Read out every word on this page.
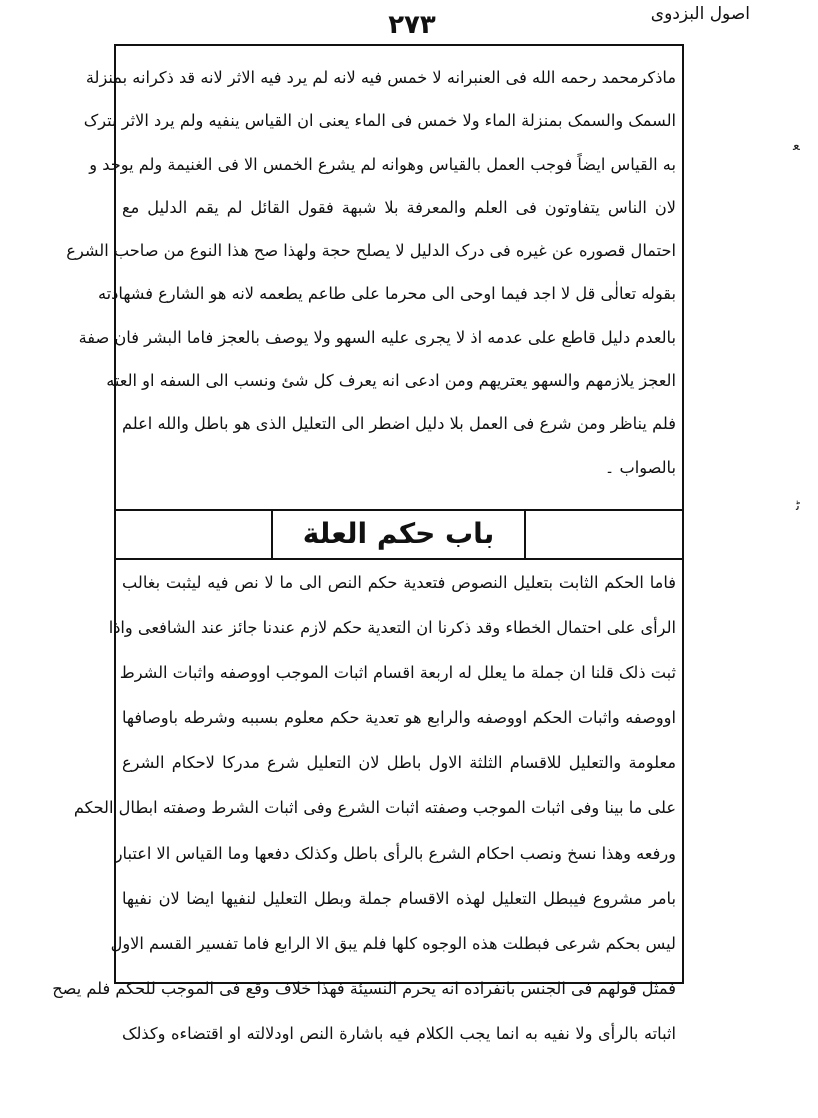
اصول البزدوی
۲۷۳

ماذکرمحمد رحمه الله فی العنبرانه لا خمس فیه لانه لم یرد فیه الاثر لانه قد ذکرانه بمنزلة

السمک والسمک بمنزلة الماء ولا خمس فی الماء یعنی ان القیاس ینفیه ولم یرد الاثر بترک

به القیاس ایضاً فوجب العمل بالقیاس وهوانه لم یشرع الخمس الا فی الغنیمة ولم یوجد و

لان الناس یتفاوتون فی العلم والمعرفة بلا شبهة فقول القائل لم یقم الدلیل مع

احتمال قصوره عن غیره فی درک الدلیل لا یصلح حجة ولهذا صح هذا النوع من صاحب الشرع

بقوله تعالٰی قل لا اجد فیما اوحی الی محرما علی طاعم یطعمه لانه هو الشارع فشهادته

بالعدم دلیل قاطع علی عدمه اذ لا یجری علیه السهو ولا یوصف بالعجز فاما البشر فان صفة

العجز یلازمهم والسهو یعتریهم ومن ادعی انه یعرف کل شئ ونسب الی السفه او العته

فلم یناظر ومن شرع فی العمل بلا دلیل اضطر الی التعلیل الذی هو باطل والله اعلم

بالصواب ۔

باب حکم العلة

فاما الحکم الثابت بتعلیل النصوص فتعدیة حکم النص الی ما لا نص فیه لیثبت بغالب

الرأی علی احتمال الخطاء وقد ذکرنا ان التعدیة حکم لازم عندنا جائز عند الشافعی واذا

ثبت ذلک قلنا ان جملة ما یعلل له اربعة اقسام اثبات الموجب اووصفه واثبات الشرط

اووصفه واثبات الحکم اووصفه والرابع هو تعدیة حکم معلوم بسببه وشرطه باوصافها

معلومة والتعلیل للاقسام الثلثة الاول باطل لان التعلیل شرع مدرکا لاحکام الشرع

علی ما بینا وفی اثبات الموجب وصفته اثبات الشرع وفی اثبات الشرط وصفته ابطال الحکم

ورفعه وهذا نسخ ونصب احکام الشرع بالرأی باطل وکذلک دفعها وما القیاس الا اعتبار

بامر مشروع فیبطل التعلیل لهذه الاقسام جملة وبطل التعلیل لنفیها ایضا لان نفیها

لیس بحکم شرعی فبطلت هذه الوجوه کلها فلم یبق الا الرابع فاما تفسیر القسم الاول

فمثل قولهم فی الجنس بانفراده انه یحرم النسیئة فهذا خلاف وقع فی الموجب للحکم فلم یصح

اثباته بالرأی ولا نفیه به انما یجب الکلام فیه باشارة النص اودلالته او اقتضاءه وکذلک

ﻌ
ﮢ
